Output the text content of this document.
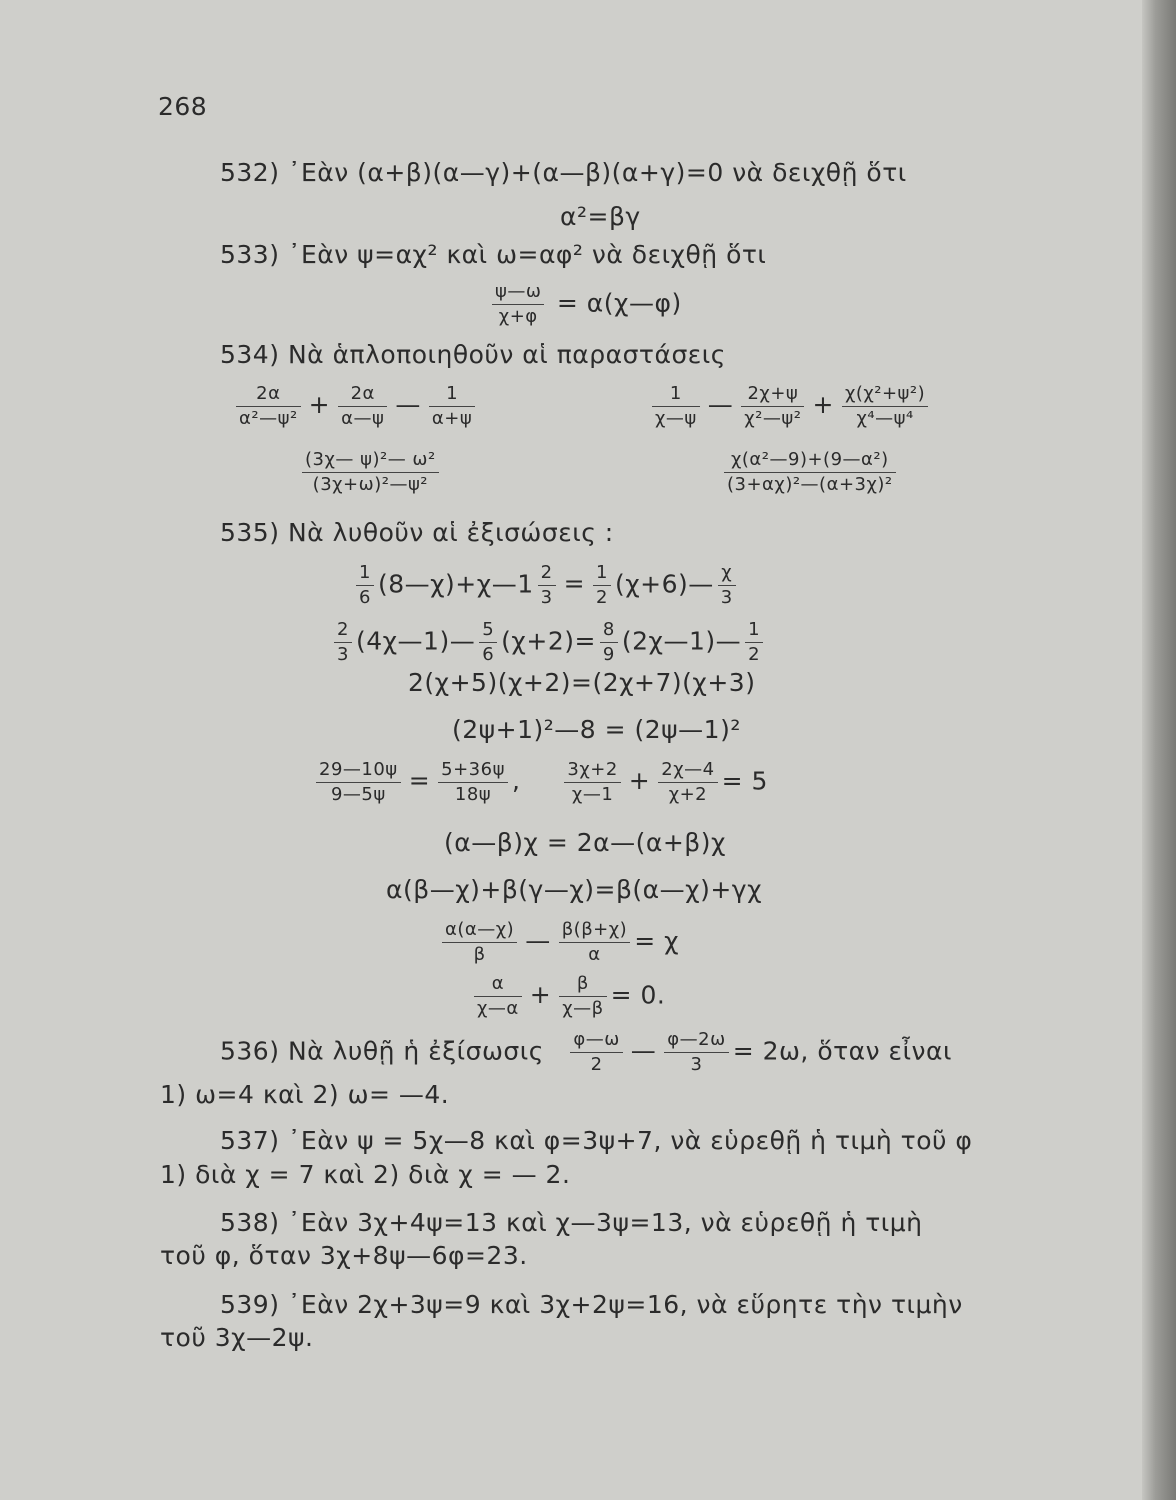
268
532) ᾿Εὰν (α+β)(α—γ)+(α—β)(α+γ)=0 νὰ δειχθῇ ὅτι
α²=βγ
533) ᾿Εὰν ψ=αχ² καὶ ω=αφ² νὰ δειχθῇ ὅτι
$\frac{\psi—\omega}{\chi+\varphi}$ = α(χ—φ)
534) Νὰ ἁπλοποιηθοῦν αἱ παραστάσεις
$\frac{2\alpha}{\text{α²—ψ²}} + \frac{2\alpha}{\alpha—\psi}$ — $\frac{1}{\alpha+\psi}$	$\frac{1}{\chi—\psi}$ — $\frac{2\chi+\psi}{\text{χ²—ψ²}} + \frac{\text{χ(χ²+ψ²)}}{\text{χ⁴—ψ⁴}}$
$\frac{\text{(3χ— ψ)²— ω²}}{\text{(3χ+ω)²—ψ²}}$	$\frac{\text{χ(α²—9)+(9—α²)}}{\text{(3+αχ)²—(α+3χ)²}}$
535) Νὰ λυθοῦν αἱ ἐξισώσεις :
$\frac{1}{6}$ (8—χ)+χ—1 $\frac{2}{3} = \frac{1}{2}$ (χ+6)— $\frac{\chi}{3}$
$\frac{2}{3}$ (4χ—1)— $\frac{5}{6} (\chi+2)= \frac{8}{9}$ (2χ—1)— $\frac{1}{2}$
2(χ+5)(χ+2)=(2χ+7)(χ+3)
(2ψ+1)²—8 = (2ψ—1)²
$\frac{29—10\psi}{9—5\psi} = \frac{5+36\psi}{18\psi}$ , $\frac{3\chi+2}{\chi—1} + \frac{2\chi—4}{\chi+2} = 5$
(α—β)χ = 2α—(α+β)χ
α(β—χ)+β(γ—χ)=β(α—χ)+γχ
$\frac{\alpha(\alpha—\chi)}{\beta}$ — $\frac{\beta(\beta+\chi)}{\alpha} = \chi$
$\frac{\alpha}{\chi—\alpha} + \frac{\beta}{\chi—\beta} = 0$.
536) Νὰ λυθῇ ἡ ἐξίσωσις $\frac{\varphi—\omega}{2}$ — $\frac{\varphi—2\omega}{3} = 2\omega$, ὅταν εἶναι
1) ω=4 καὶ 2) ω= —4.
537) ᾿Εὰν ψ = 5χ—8 καὶ φ=3ψ+7, νὰ εὑρεθῇ ἡ τιμὴ τοῦ φ
1) διὰ χ = 7 καὶ 2) διὰ χ = — 2.
538) ᾿Εὰν 3χ+4ψ=13 καὶ χ—3ψ=13, νὰ εὑρεθῇ ἡ τιμὴ
τοῦ φ, ὅταν 3χ+8ψ—6φ=23.
539) ᾿Εὰν 2χ+3ψ=9 καὶ 3χ+2ψ=16, νὰ εὕρητε τὴν τιμὴν
τοῦ 3χ—2ψ.
